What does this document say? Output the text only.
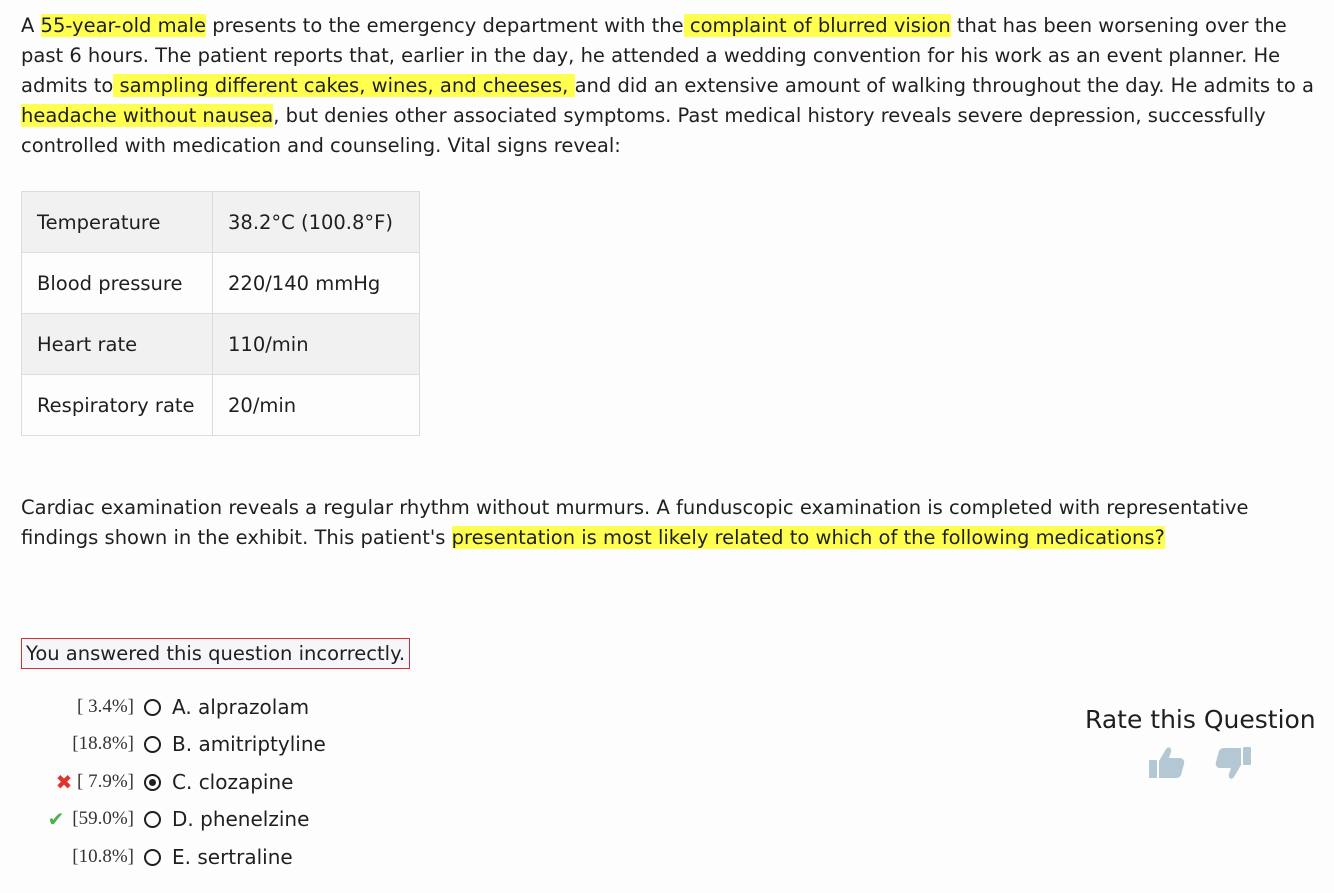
A 55-year-old male presents to the emergency department with the complaint of blurred vision that has been worsening over the past 6 hours. The patient reports that, earlier in the day, he attended a wedding convention for his work as an event planner. He admits to sampling different cakes, wines, and cheeses, and did an extensive amount of walking throughout the day. He admits to a headache without nausea, but denies other associated symptoms. Past medical history reveals severe depression, successfully controlled with medication and counseling. Vital signs reveal:

Temperature	38.2°C (100.8°F)
Blood pressure	220/140 mmHg
Heart rate	110/min
Respiratory rate	20/min

Cardiac examination reveals a regular rhythm without murmurs. A funduscopic examination is completed with representative findings shown in the exhibit. This patient's presentation is most likely related to which of the following medications?

You answered this question incorrectly.
[ 3.4%] A. alprazolam
[18.8%] B. amitriptyline
✖ [ 7.9%] C. clozapine
✔ [59.0%] D. phenelzine
[10.8%] E. sertraline
Rate this Question
